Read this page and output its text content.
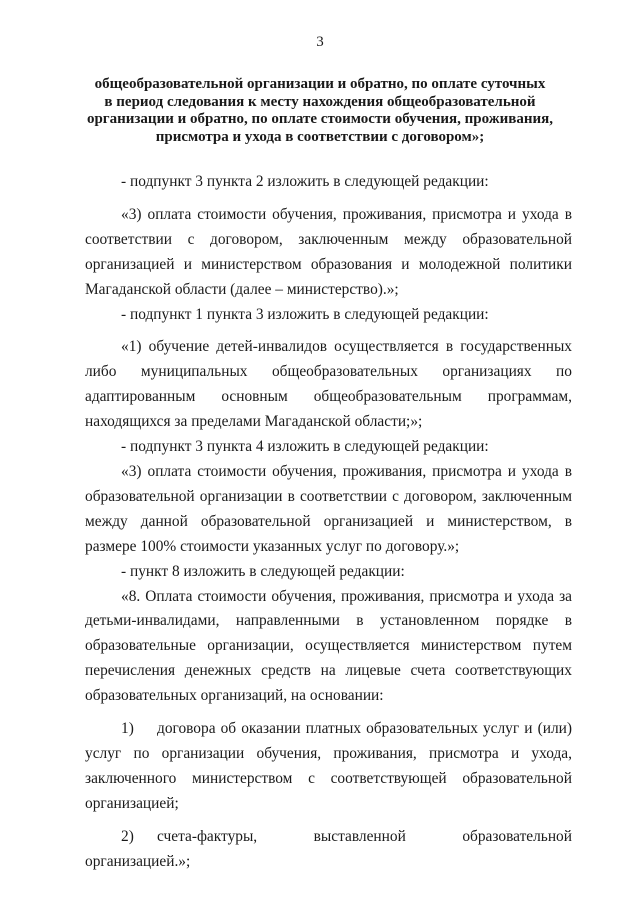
3
общеобразовательной организации и обратно, по оплате суточных
в период следования к месту нахождения общеобразовательной
организации и обратно, по оплате стоимости обучения, проживания,
присмотра и ухода в соответствии с договором»;

- подпункт 3 пункта 2 изложить в следующей редакции:

«3) оплата стоимости обучения, проживания, присмотра и ухода в соответствии с договором, заключенным между образовательной организацией и министерством образования и молодежной политики Магаданской области (далее – министерство).»;

- подпункт 1 пункта 3 изложить в следующей редакции:

«1) обучение детей-инвалидов осуществляется в государственных либо муниципальных общеобразовательных организациях по адаптированным основным общеобразовательным программам, находящихся за пределами Магаданской области;»;

- подпункт 3 пункта 4 изложить в следующей редакции:

«3) оплата стоимости обучения, проживания, присмотра и ухода в образовательной организации в соответствии с договором, заключенным между данной образовательной организацией и министерством, в размере 100% стоимости указанных услуг по договору.»;

- пункт 8 изложить в следующей редакции:

«8. Оплата стоимости обучения, проживания, присмотра и ухода за детьми-инвалидами, направленными в установленном порядке в образовательные организации, осуществляется министерством путем перечисления денежных средств на лицевые счета соответствующих образовательных организаций, на основании:

1) договора об оказании платных образовательных услуг и (или) услуг по организации обучения, проживания, присмотра и ухода, заключенного министерством с соответствующей образовательной организацией;

2) счета-фактуры, выставленной образовательной организацией.»;
